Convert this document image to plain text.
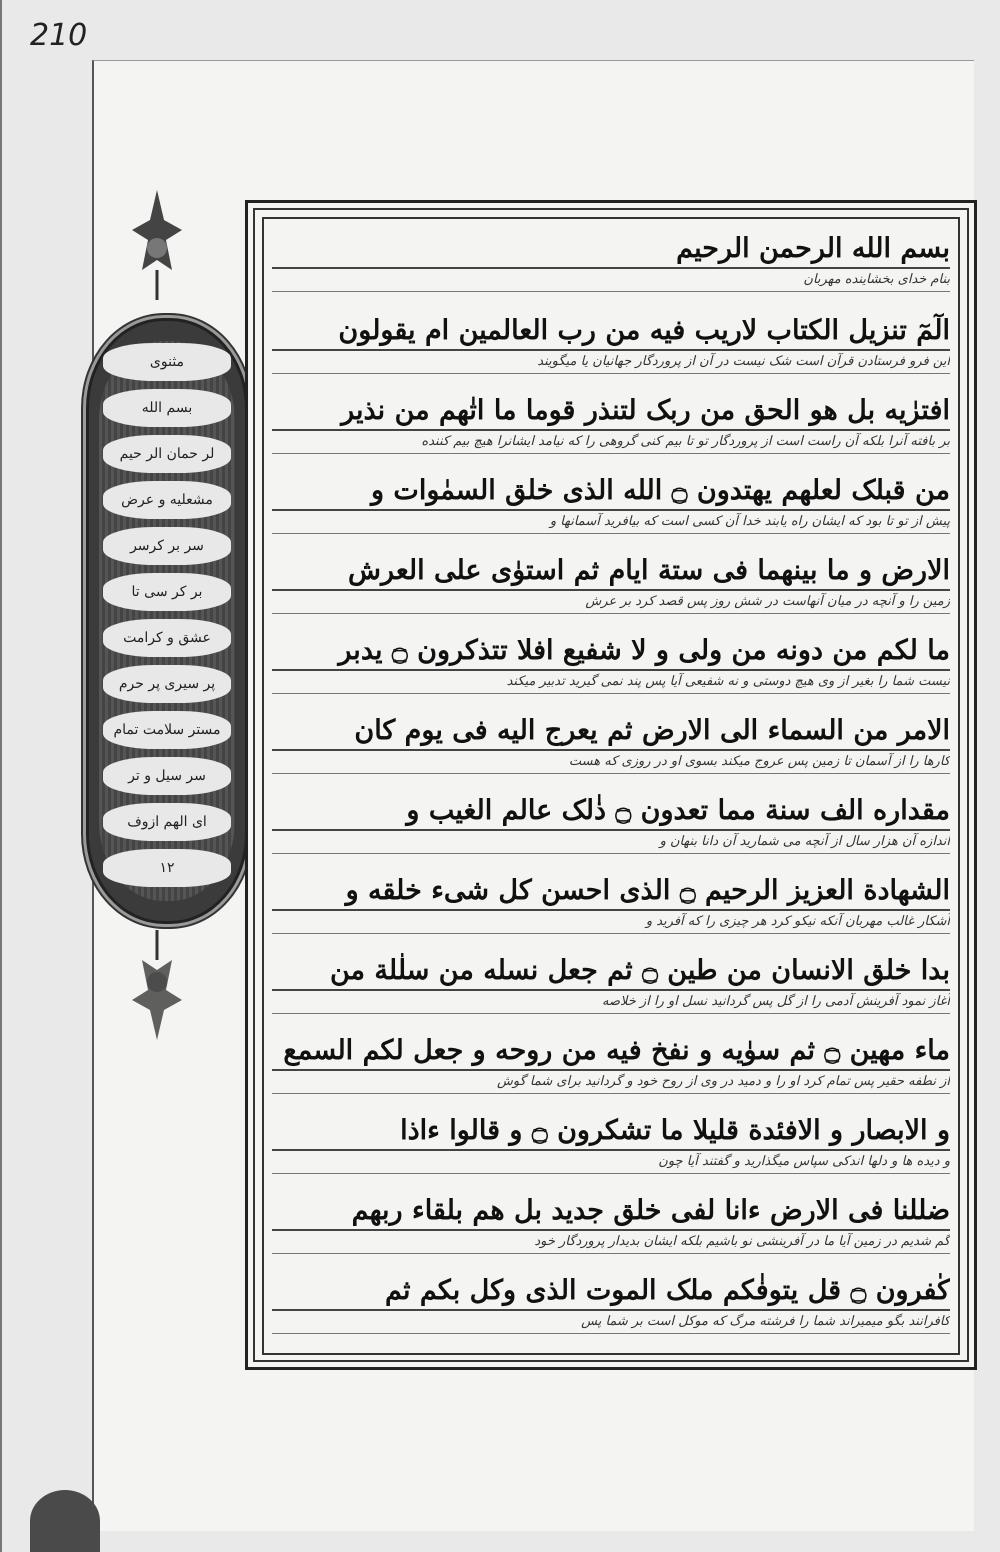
210
مثنوی
بسم الله
لر حمان الر حیم
مشعلیه و عرض
سر بر کرسر
بر کر سی تا
عشق و کرامت
پر سیری پر حرم
مستر سلامت تمام
سر سیل و تر
ای الهم ازوف
١٢
بسم الله الرحمن الرحیم
بنام خدای بخشاینده مهربان
الٓمٓ تنزیل الکتاب لاریب فیه من رب العالمین ام یقولون
این فرو فرستادن قرآن است شک نیست در آن از پروردگار جهانیان یا میگویند
افترٰیه بل هو الحق من ربک لتنذر قوما ما اتٰهم من نذیر
بر بافته آنرا بلکه آن راست است از پروردگار تو تا بیم کنی گروهی را که نیامد ایشانرا هیچ بیم کننده
من قبلک لعلهم یهتدون ۝ الله الذی خلق السمٰوات و
پیش از تو تا بود که ایشان راه یابند خدا آن کسی است که بیافرید آسمانها و
الارض و ما بینهما فی ستة ایام ثم استوٰی علی العرش
زمین را و آنچه در میان آنهاست در شش روز پس قصد کرد بر عرش
ما لکم من دونه من ولی و لا شفیع افلا تتذکرون ۝ یدبر
نیست شما را بغیر از وی هیچ دوستی و نه شفیعی آیا پس پند نمی گیرید تدبیر میکند
الامر من السماء الی الارض ثم یعرج الیه فی یوم کان
کارها را از آسمان تا زمین پس عروج میکند بسوی او در روزی که هست
مقداره الف سنة مما تعدون ۝ ذٰلک عالم الغیب و
اندازه آن هزار سال از آنچه می شمارید آن دانا بنهان و
الشهادة العزیز الرحیم ۝ الذی احسن کل شیء خلقه و
آشکار غالب مهربان آنکه نیکو کرد هر چیزی را که آفرید و
بدا خلق الانسان من طین ۝ ثم جعل نسله من سلٰلة من
آغاز نمود آفرینش آدمی را از گل پس گردانید نسل او را از خلاصه
ماء مهین ۝ ثم سوٰیه و نفخ فیه من روحه و جعل لکم السمع
از نطفه حقیر پس تمام کرد او را و دمید در وی از روح خود و گردانید برای شما گوش
و الابصار و الافئدة قلیلا ما تشکرون ۝ و قالوا ءاذا
و دیده ها و دلها اندکی سپاس میگذارید و گفتند آیا چون
ضللنا فی الارض ءانا لفی خلق جدید بل هم بلقاء ربهم
گم شدیم در زمین آیا ما در آفرینشی نو باشیم بلکه ایشان بدیدار پروردگار خود
کٰفرون ۝ قل یتوفٰکم ملک الموت الذی وکل بکم ثم
کافرانند بگو میمیراند شما را فرشته مرگ که موکل است بر شما پس
